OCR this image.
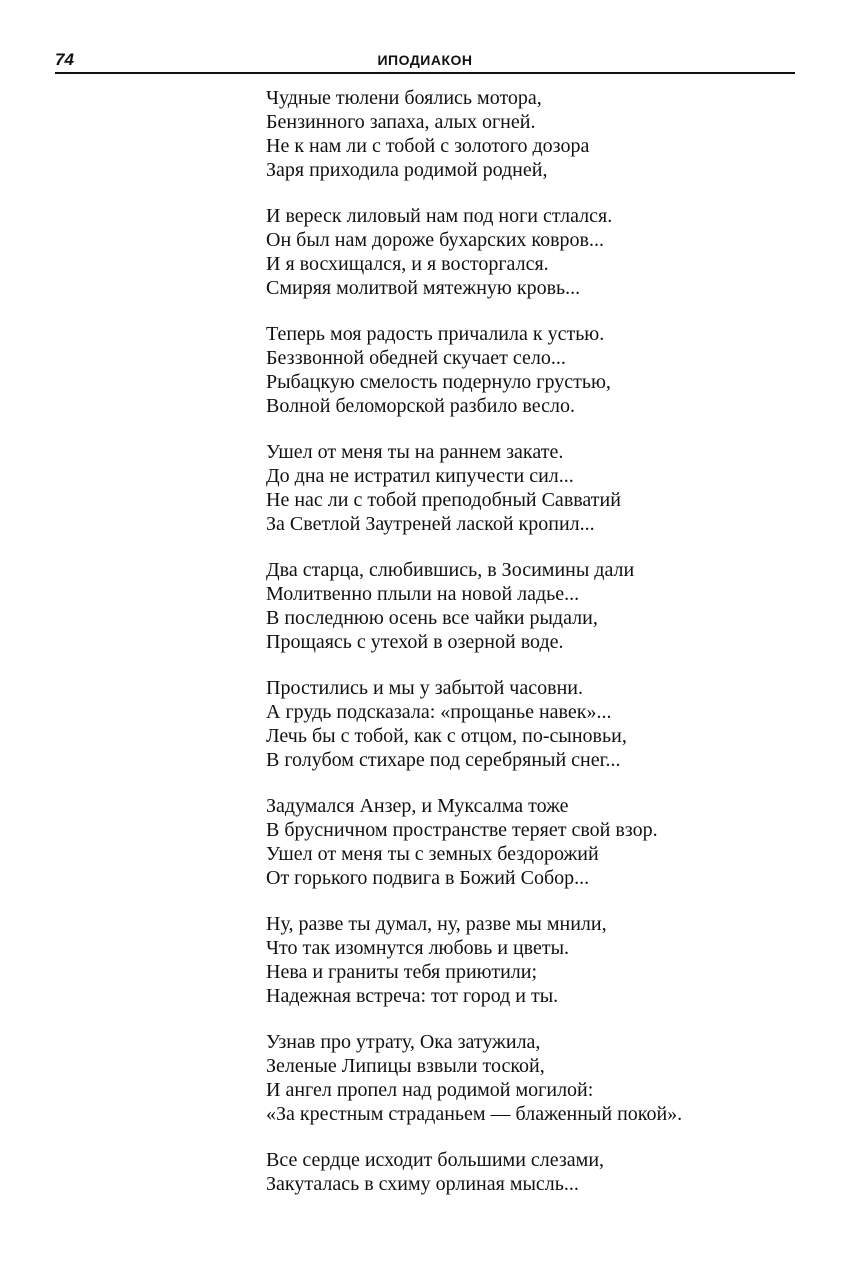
74	ИПОДИАКОН
Чудные тюлени боялись мотора,
Бензинного запаха, алых огней.
Не к нам ли с тобой с золотого дозора
Заря приходила родимой родней,
И вереск лиловый нам под ноги стлался.
Он был нам дороже бухарских ковров...
И я восхищался, и я восторгался.
Смиряя молитвой мятежную кровь...
Теперь моя радость причалила к устью.
Беззвонной обедней скучает село...
Рыбацкую смелость подернуло грустью,
Волной беломорской разбило весло.
Ушел от меня ты на раннем закате.
До дна не истратил кипучести сил...
Не нас ли с тобой преподобный Савватий
За Светлой Заутреней лаской кропил...
Два старца, слюбившись, в Зосимины дали
Молитвенно плыли на новой ладье...
В последнюю осень все чайки рыдали,
Прощаясь с утехой в озерной воде.
Простились и мы у забытой часовни.
А грудь подсказала: «прощанье навек»...
Лечь бы с тобой, как с отцом, по-сыновьи,
В голубом стихаре под серебряный снег...
Задумался Анзер, и Муксалма тоже
В брусничном пространстве теряет свой взор.
Ушел от меня ты с земных бездорожий
От горького подвига в Божий Собор...
Ну, разве ты думал, ну, разве мы мнили,
Что так изомнутся любовь и цветы.
Нева и граниты тебя приютили;
Надежная встреча: тот город и ты.
Узнав про утрату, Ока затужила,
Зеленые Липицы взвыли тоской,
И ангел пропел над родимой могилой:
«За крестным страданьем — блаженный покой».
Все сердце исходит большими слезами,
Закуталась в схиму орлиная мысль...
